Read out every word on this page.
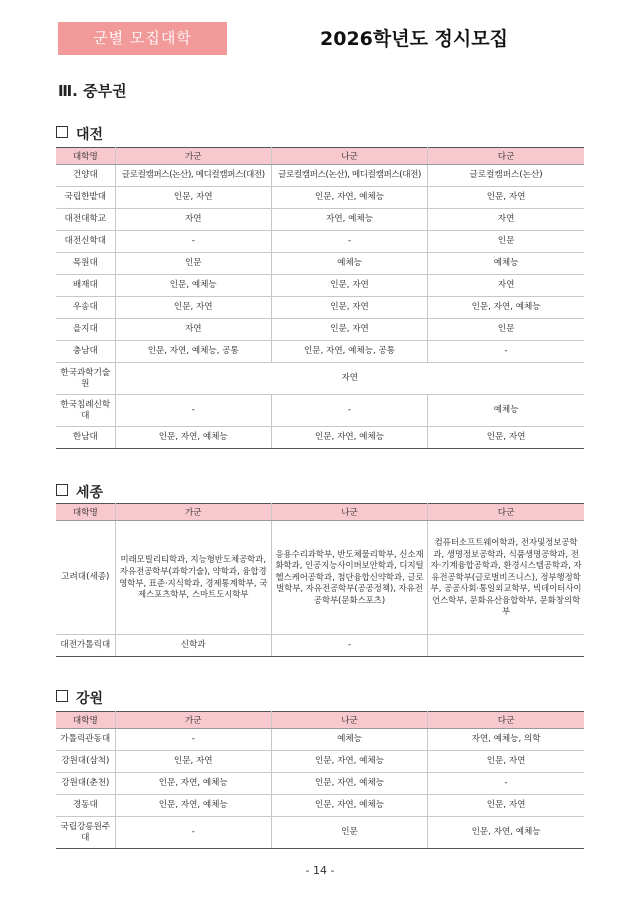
군별 모집대학	2026학년도 정시모집
Ⅲ. 중부권
대전
대학명	가군	나군	다군
건양대	글로컬캠퍼스(논산), 메디컬캠퍼스(대전)	글로컬캠퍼스(논산), 메디컬캠퍼스(대전)	글로컬캠퍼스(논산)
국립한밭대	인문, 자연	인문, 자연, 예체능	인문, 자연
대전대학교	자연	자연, 예체능	자연
대전신학대	-	-	인문
목원대	인문	예체능	예체능
배재대	인문, 예체능	인문, 자연	자연
우송대	인문, 자연	인문, 자연	인문, 자연, 예체능
을지대	자연	인문, 자연	인문
충남대	인문, 자연, 예체능, 공통	인문, 자연, 예체능, 공통	-
한국과학기술원	자연		
한국침례신학대	-	-	예체능
한남대	인문, 자연, 예체능	인문, 자연, 예체능	인문, 자연
세종
대학명	가군	나군	다군
고려대(세종)	미래모빌리티학과, 지능형반도체공학과, 자유전공학부(과학기술), 약학과, 융합경영학부, 표준·지식학과, 경제통계학부, 국제스포츠학부, 스마트도시학부	응용수리과학부, 반도체물리학부, 신소재화학과, 인공지능사이버보안학과, 디지털헬스케어공학과, 첨단융합신약학과, 글로벌학부, 자유전공학부(공공정책), 자유전공학부(문화스포츠)	컴퓨터소프트웨어학과, 전자및정보공학과, 생명정보공학과, 식품생명공학과, 전자·기계융합공학과, 환경시스템공학과, 자유전공학부(글로벌비즈니스), 정부행정학부, 공공사회·통일외교학부, 빅데이터사이언스학부, 문화유산융합학부, 문화창의학부
대전가톨릭대	신학과	-	
강원
대학명	가군	나군	다군
가톨릭관동대	-	예체능	자연, 예체능, 의학
강원대(삼척)	인문, 자연	인문, 자연, 예체능	인문, 자연
강원대(춘천)	인문, 자연, 예체능	인문, 자연, 예체능	-
경동대	인문, 자연, 예체능	인문, 자연, 예체능	인문, 자연
국립강릉원주대	-	인문	인문, 자연, 예체능
- 14 -
